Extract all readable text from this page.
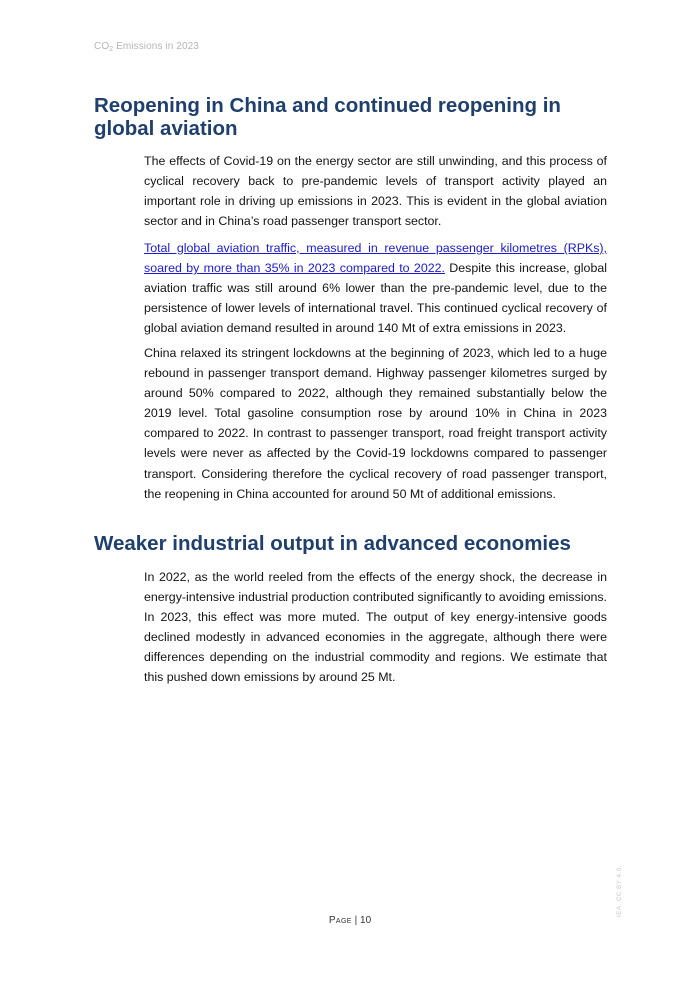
$CO_2$ Emissions in 2023
Reopening in China and continued reopening in global aviation

The effects of Covid-19 on the energy sector are still unwinding, and this process of cyclical recovery back to pre-pandemic levels of transport activity played an important role in driving up emissions in 2023. This is evident in the global aviation sector and in China’s road passenger transport sector.

Total global aviation traffic, measured in revenue passenger kilometres (RPKs), soared by more than 35% in 2023 compared to 2022. Despite this increase, global aviation traffic was still around 6% lower than the pre-pandemic level, due to the persistence of lower levels of international travel. This continued cyclical recovery of global aviation demand resulted in around 140 Mt of extra emissions in 2023.

China relaxed its stringent lockdowns at the beginning of 2023, which led to a huge rebound in passenger transport demand. Highway passenger kilometres surged by around 50% compared to 2022, although they remained substantially below the 2019 level. Total gasoline consumption rose by around 10% in China in 2023 compared to 2022. In contrast to passenger transport, road freight transport activity levels were never as affected by the Covid-19 lockdowns compared to passenger transport. Considering therefore the cyclical recovery of road passenger transport, the reopening in China accounted for around 50 Mt of additional emissions.

Weaker industrial output in advanced economies

In 2022, as the world reeled from the effects of the energy shock, the decrease in energy-intensive industrial production contributed significantly to avoiding emissions. In 2023, this effect was more muted. The output of key energy-intensive goods declined modestly in advanced economies in the aggregate, although there were differences depending on the industrial commodity and regions. We estimate that this pushed down emissions by around 25 Mt.

Page | 10
IEA. CC BY 4.0.
